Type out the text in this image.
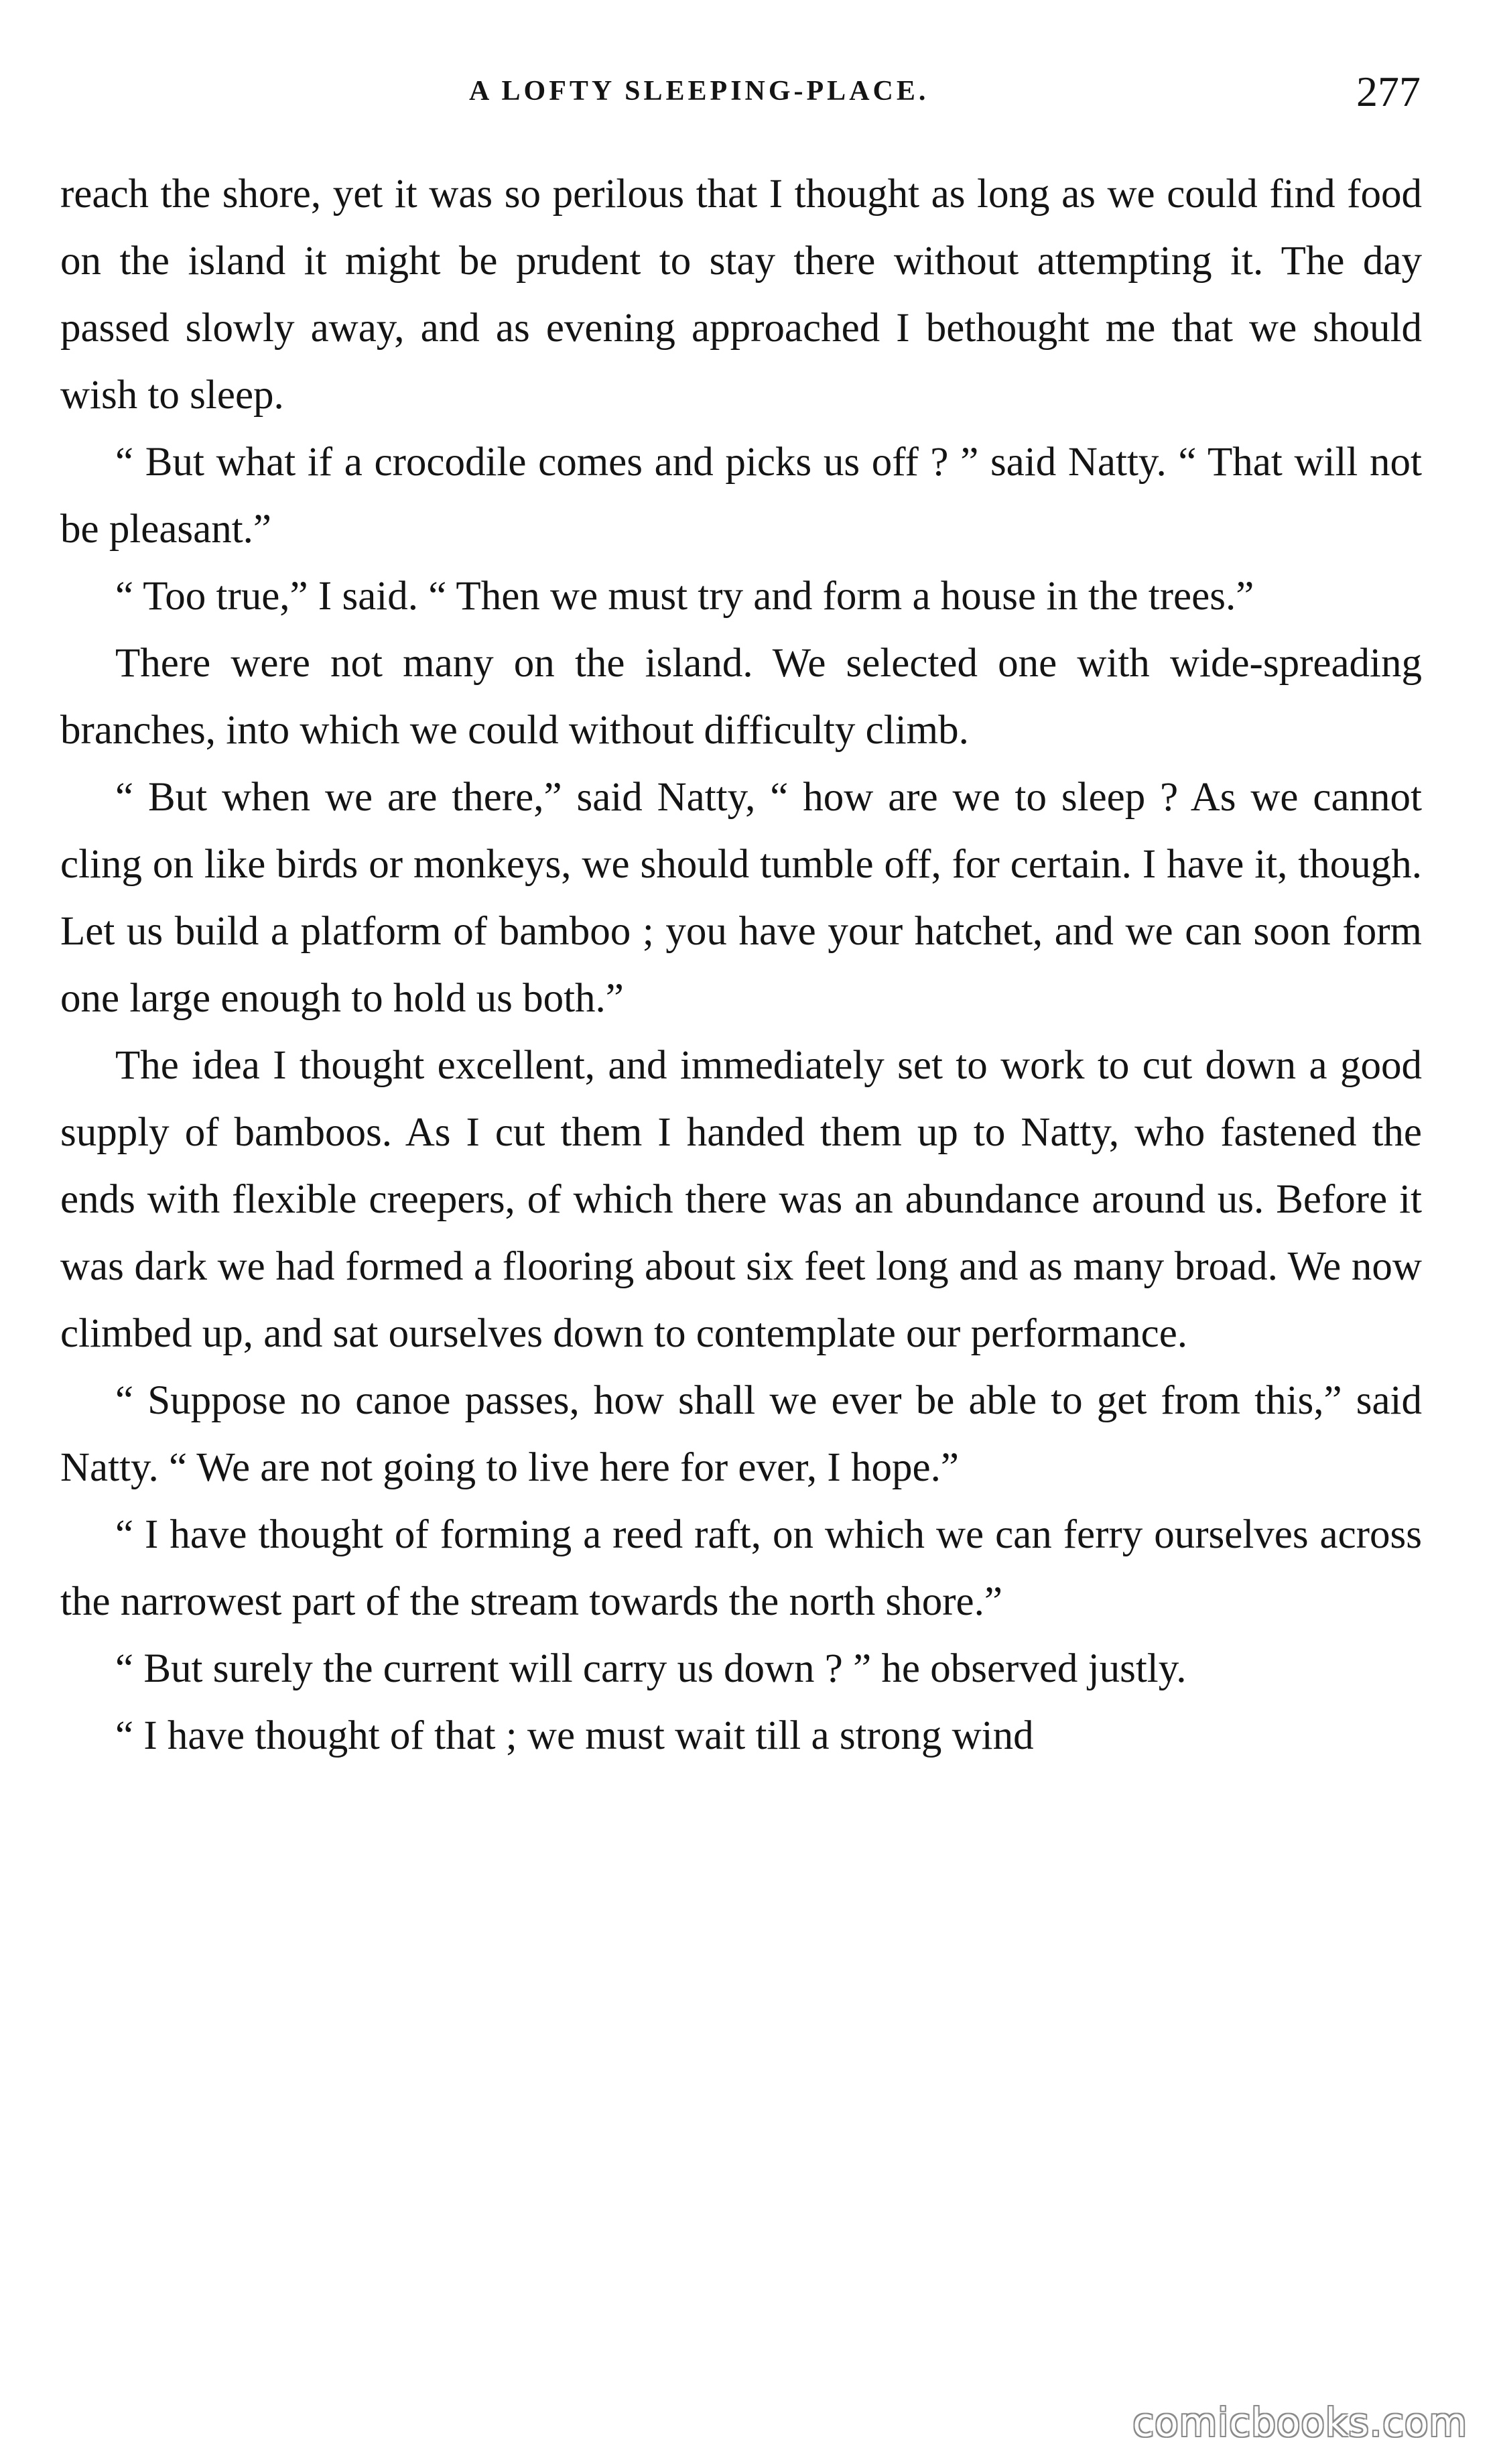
A LOFTY SLEEPING-PLACE.	277

reach the shore, yet it was so perilous that I thought as long as we could find food on the island it might be prudent to stay there without attempting it. The day passed slowly away, and as evening approached I bethought me that we should wish to sleep.

“ But what if a crocodile comes and picks us off ? ” said Natty. “ That will not be pleasant.”

“ Too true,” I said. “ Then we must try and form a house in the trees.”

There were not many on the island. We selected one with wide-spreading branches, into which we could without difficulty climb.

“ But when we are there,” said Natty, “ how are we to sleep ? As we cannot cling on like birds or monkeys, we should tumble off, for certain. I have it, though. Let us build a platform of bamboo ; you have your hatchet, and we can soon form one large enough to hold us both.”

The idea I thought excellent, and immediately set to work to cut down a good supply of bamboos. As I cut them I handed them up to Natty, who fastened the ends with flexible creepers, of which there was an abundance around us. Before it was dark we had formed a flooring about six feet long and as many broad. We now climbed up, and sat ourselves down to contemplate our performance.

“ Suppose no canoe passes, how shall we ever be able to get from this,” said Natty. “ We are not going to live here for ever, I hope.”

“ I have thought of forming a reed raft, on which we can ferry ourselves across the narrowest part of the stream towards the north shore.”

“ But surely the current will carry us down ? ” he observed justly.

“ I have thought of that ; we must wait till a strong wind

comicbooks.com
